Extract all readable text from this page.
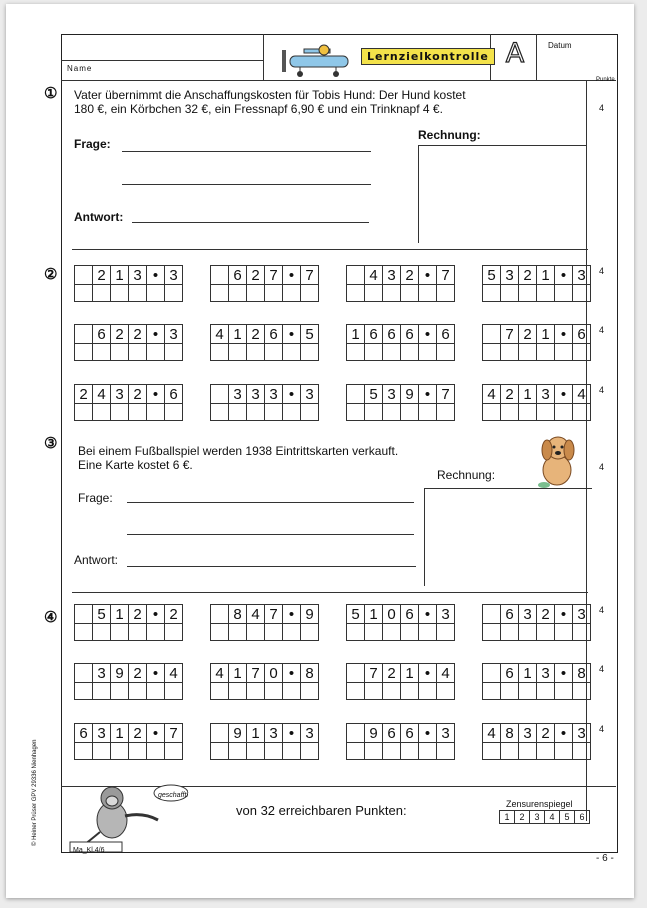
Name
Lernzielkontrolle A	Datum
Punkte
① Vater übernimmt die Anschaffungskosten für Tobis Hund: Der Hund kostet
180 €, ein Körbchen 32 €, ein Fressnapf 6,90 € und ein Trinknapf 4 €.	4
Frage:
Antwort:
Rechnung:
②	2 1 3 • 3	6 2 7 • 7	4 3 2 • 7	5 3 2 1 • 3	4
6 2 2 • 3	4 1 2 6 • 5	1 6 6 6 • 6	7 2 1 • 6	4
2 4 3 2 • 6	3 3 3 • 3	5 3 9 • 7	4 2 1 3 • 4	4
③ Bei einem Fußballspiel werden 1938 Eintrittskarten verkauft.
Eine Karte kostet 6 €.	4
Rechnung:
Frage:
Antwort:
④	5 1 2 • 2	8 4 7 • 9	5 1 0 6 • 3	6 3 2 • 3	4
3 9 2 • 4	4 1 7 0 • 8	7 2 1 • 4	6 1 3 • 8	4
6 3 1 2 • 7	9 1 3 • 3	9 6 6 • 3	4 8 3 2 • 3	4
von 32 erreichbaren Punkten:	Zensurenspiegel
1	2	3	4	5	6
geschafft!
Ma_Kl.4/6
© Heiner Prüser GPV 29336 Nienhagen
- 6 -
